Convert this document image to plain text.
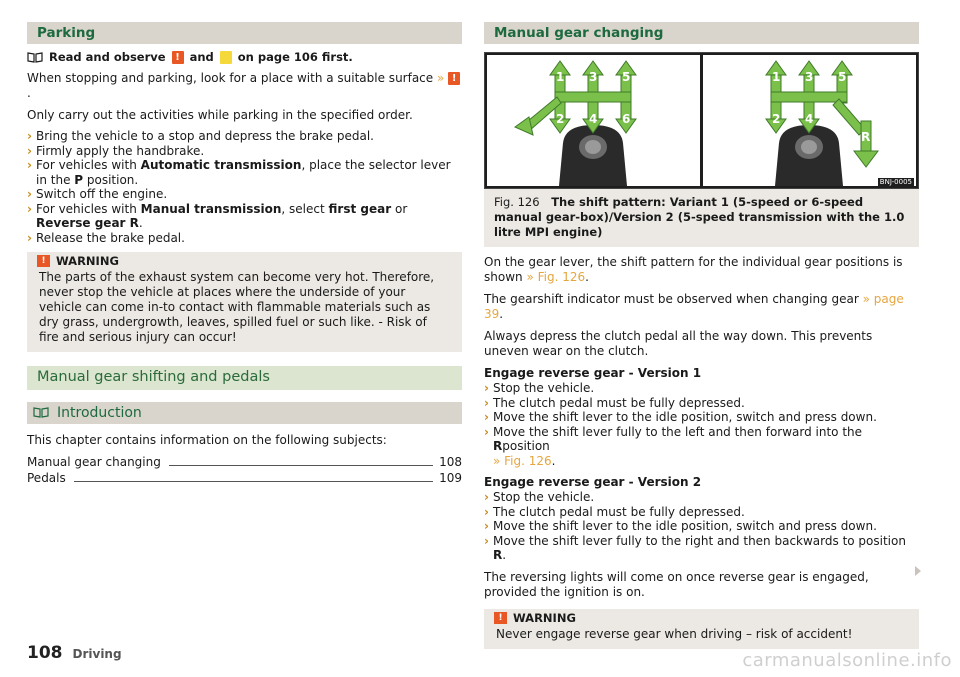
Parking
Read and observe ! and on page 106 first.

When stopping and parking, look for a place with a suitable surface » !.

Only carry out the activities while parking in the specified order.

› Bring the vehicle to a stop and depress the brake pedal.
› Firmly apply the handbrake.
› For vehicles with Automatic transmission, place the selector lever in the P position.
› Switch off the engine.
› For vehicles with Manual transmission, select first gear or Reverse gear R.
› Release the brake pedal.
! WARNING
The parts of the exhaust system can become very hot. Therefore, never stop the vehicle at places where the underside of your vehicle can come in-to contact with flammable materials such as dry grass, undergrowth, leaves, spilled fuel or such like. - Risk of fire and serious injury can occur!
Manual gear shifting and pedals
Introduction

This chapter contains information on the following subjects:

Manual gear changing	108
Pedals	109
Manual gear changing
1 3 5
R
2 4 6
1 3 5
2 4
R
BNJ-0005
Fig. 126 The shift pattern: Variant 1 (5-speed or 6-speed manual gear-box)/Version 2 (5-speed transmission with the 1.0 litre MPI engine)

On the gear lever, the shift pattern for the individual gear positions is shown » Fig. 126.

The gearshift indicator must be observed when changing gear » page 39.

Always depress the clutch pedal all the way down. This prevents uneven wear on the clutch.

Engage reverse gear - Version 1
› Stop the vehicle.
› The clutch pedal must be fully depressed.
› Move the shift lever to the idle position, switch and press down.
› Move the shift lever fully to the left and then forward into the Rposition
» Fig. 126.
Engage reverse gear - Version 2
› Stop the vehicle.
› The clutch pedal must be fully depressed.
› Move the shift lever to the idle position, switch and press down.
› Move the shift lever fully to the right and then backwards to position R.

The reversing lights will come on once reverse gear is engaged, provided the ignition is on.

! WARNING
Never engage reverse gear when driving – risk of accident!
108 Driving	carmanualsonline.info
